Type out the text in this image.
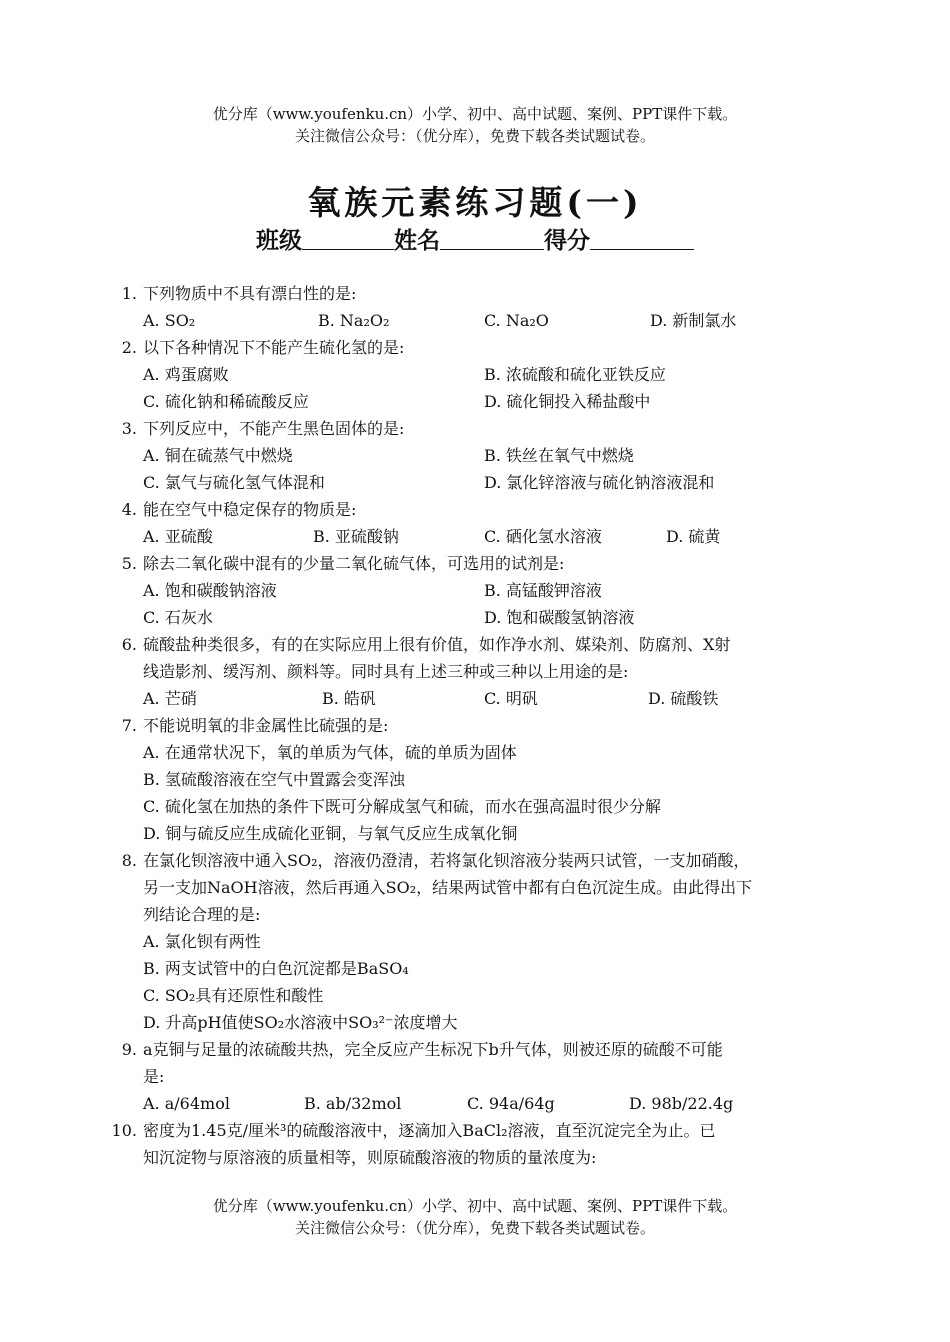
优分库（www.youfenku.cn）小学、初中、高中试题、案例、PPT课件下载。
关注微信公众号：（优分库），免费下载各类试题试卷。
氧族元素练习题(一)
班级	姓名	得分
1. 下列物质中不具有漂白性的是:
A. SO₂	B. Na₂O₂	C. Na₂O	D. 新制氯水
2. 以下各种情况下不能产生硫化氢的是:
A. 鸡蛋腐败	B. 浓硫酸和硫化亚铁反应
C. 硫化钠和稀硫酸反应	D. 硫化铜投入稀盐酸中
3. 下列反应中，不能产生黑色固体的是:
A. 铜在硫蒸气中燃烧	B. 铁丝在氧气中燃烧
C. 氯气与硫化氢气体混和	D. 氯化锌溶液与硫化钠溶液混和
4. 能在空气中稳定保存的物质是:
A. 亚硫酸	B. 亚硫酸钠	C. 硒化氢水溶液	D. 硫黄
5. 除去二氧化碳中混有的少量二氧化硫气体，可选用的试剂是:
A. 饱和碳酸钠溶液	B. 高锰酸钾溶液
C. 石灰水	D. 饱和碳酸氢钠溶液
6. 硫酸盐种类很多，有的在实际应用上很有价值，如作净水剂、媒染剂、防腐剂、X射
线造影剂、缓泻剂、颜料等。同时具有上述三种或三种以上用途的是:
A. 芒硝	B. 皓矾	C. 明矾	D. 硫酸铁
7. 不能说明氧的非金属性比硫强的是:
A. 在通常状况下，氧的单质为气体，硫的单质为固体
B. 氢硫酸溶液在空气中置露会变浑浊
C. 硫化氢在加热的条件下既可分解成氢气和硫，而水在强高温时很少分解
D. 铜与硫反应生成硫化亚铜，与氧气反应生成氧化铜
8. 在氯化钡溶液中通入SO₂，溶液仍澄清，若将氯化钡溶液分装两只试管，一支加硝酸，
另一支加NaOH溶液，然后再通入SO₂，结果两试管中都有白色沉淀生成。由此得出下
列结论合理的是:
A. 氯化钡有两性
B. 两支试管中的白色沉淀都是BaSO₄
C. SO₂具有还原性和酸性
D. 升高pH值使SO₂水溶液中SO₃²⁻浓度增大
9. a克铜与足量的浓硫酸共热，完全反应产生标况下b升气体，则被还原的硫酸不可能
是:
A. a/64mol	B. ab/32mol	C. 94a/64g	D. 98b/22.4g
10. 密度为1.45克/厘米³的硫酸溶液中，逐滴加入BaCl₂溶液，直至沉淀完全为止。已
知沉淀物与原溶液的质量相等，则原硫酸溶液的物质的量浓度为:
优分库（www.youfenku.cn）小学、初中、高中试题、案例、PPT课件下载。
关注微信公众号：（优分库），免费下载各类试题试卷。
